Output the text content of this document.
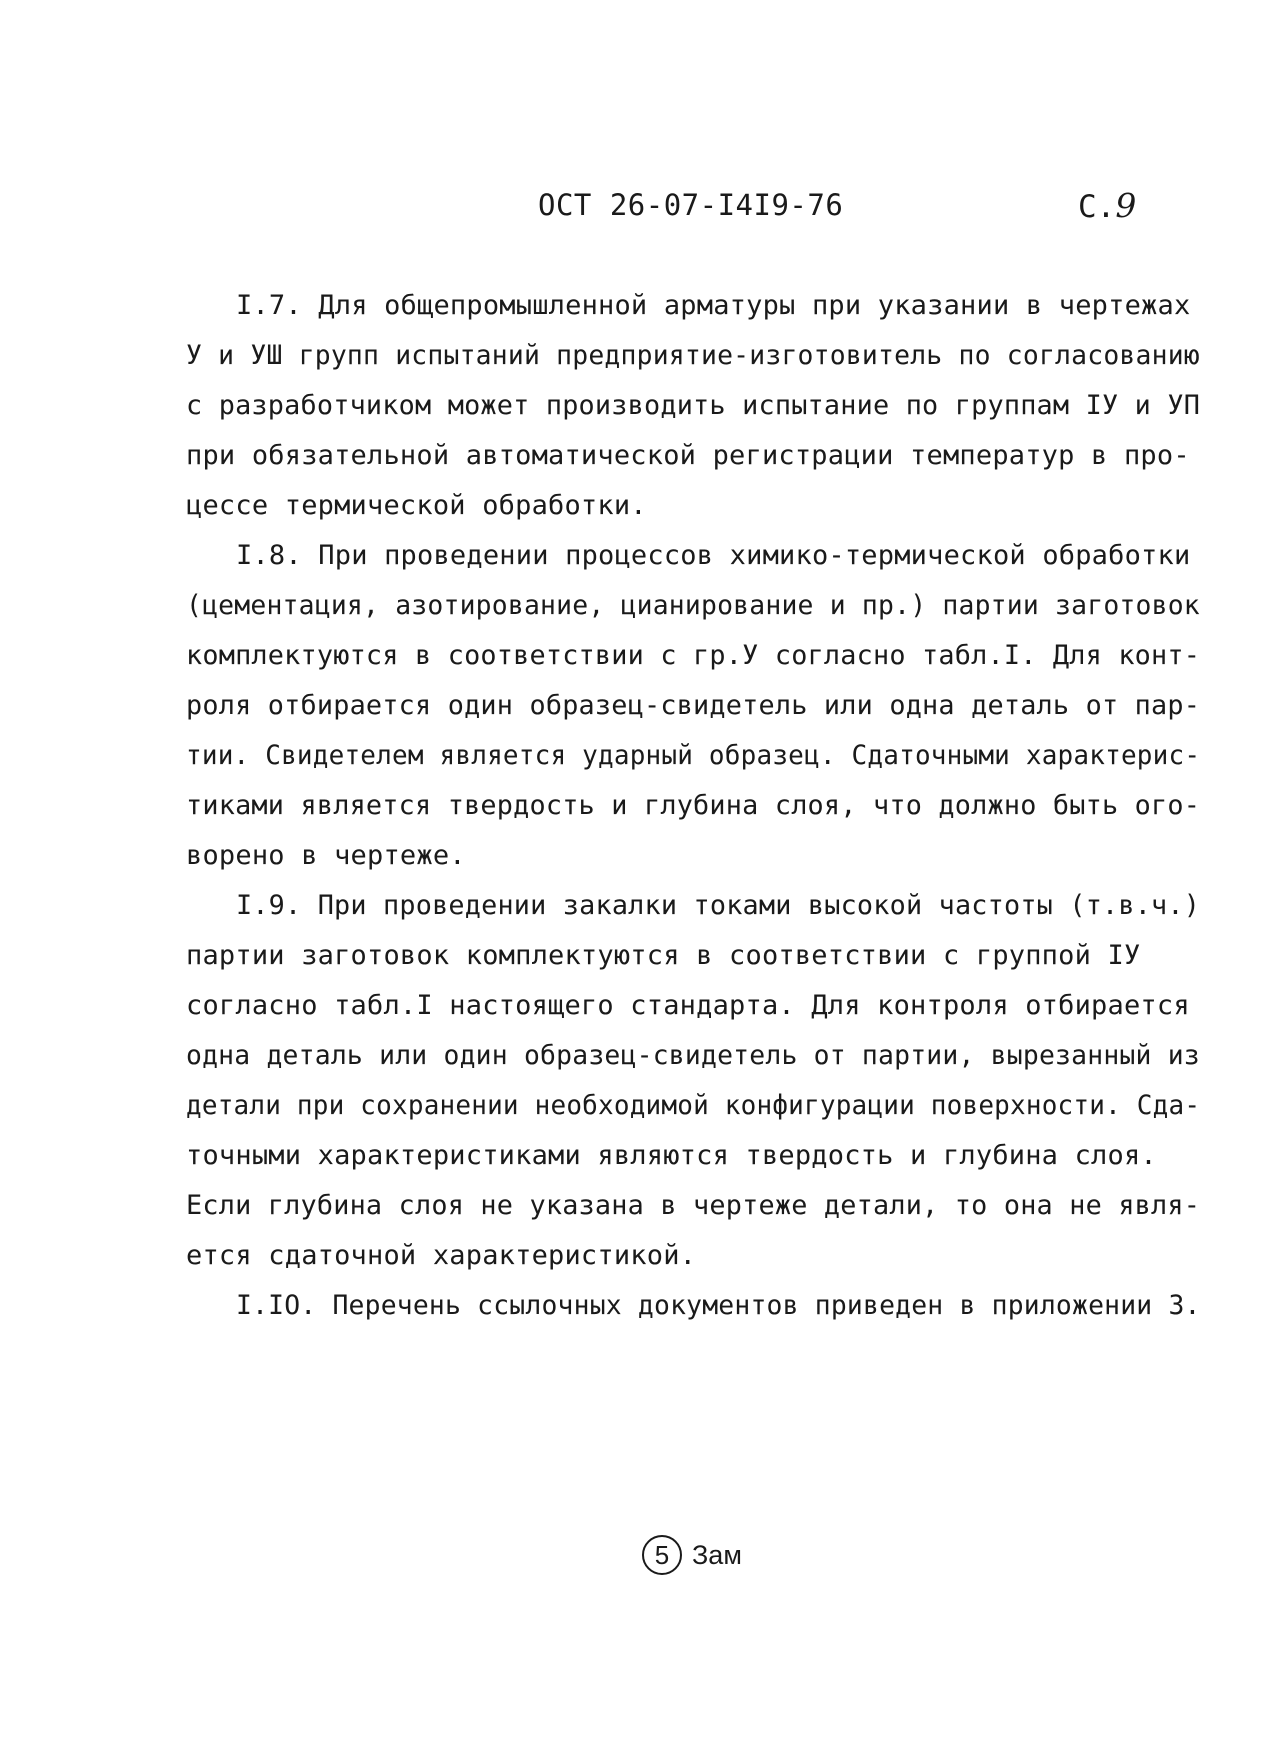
ОСТ 26-07-I4I9-76	С.9
I.7. Для общепромышленной арматуры при указании в чертежах
У и УШ групп испытаний предприятие-изготовитель по согласованию
с разработчиком может производить испытание по группам IУ и УП
при обязательной автоматической регистрации температур в про-
цессе термической обработки.
I.8. При проведении процессов химико-термической обработки
(цементация, азотирование, цианирование и пр.) партии заготовок
комплектуются в соответствии с гр.У согласно табл.I. Для конт-
роля отбирается один образец-свидетель или одна деталь от пар-
тии. Свидетелем является ударный образец. Сдаточными характерис-
тиками является твердость и глубина слоя, что должно быть ого-
ворено в чертеже.
I.9. При проведении закалки токами высокой частоты (т.в.ч.)
партии заготовок комплектуются в соответствии с группой IУ
согласно табл.I настоящего стандарта. Для контроля отбирается
одна деталь или один образец-свидетель от партии, вырезанный из
детали при сохранении необходимой конфигурации поверхности. Сда-
точными характеристиками являются твердость и глубина слоя.
Если глубина слоя не указана в чертеже детали, то она не явля-
ется сдаточной характеристикой.
I.IO. Перечень ссылочных документов приведен в приложении 3.
5 Зам
